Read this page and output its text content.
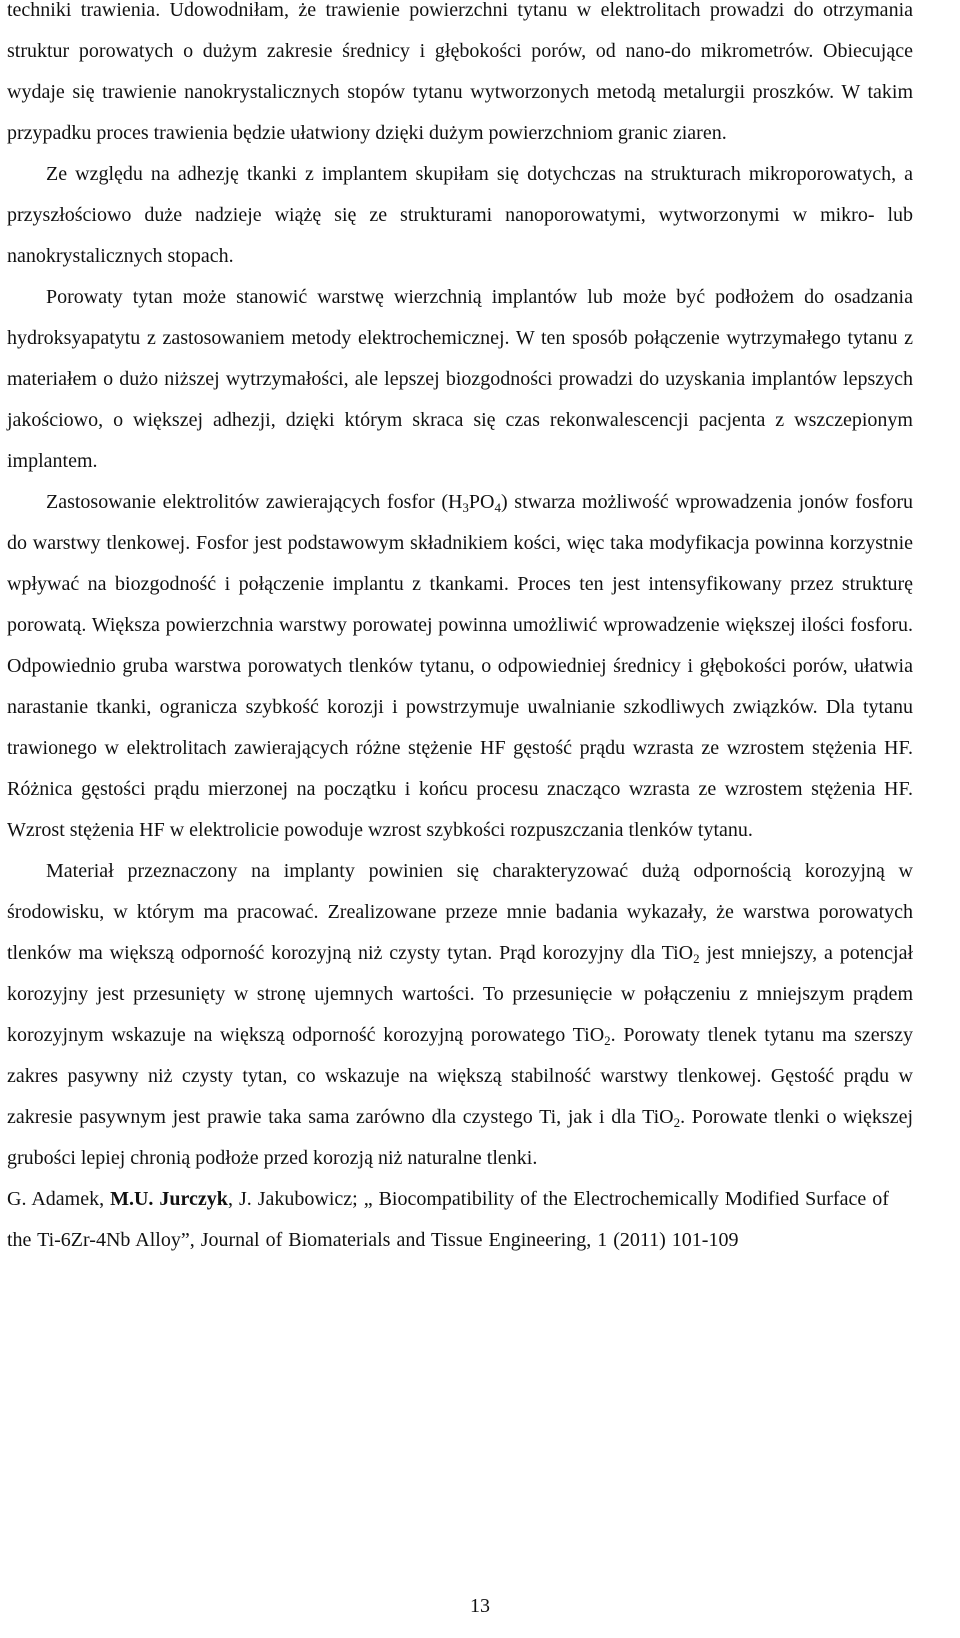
techniki trawienia. Udowodniłam, że trawienie powierzchni tytanu w elektrolitach prowadzi do otrzymania struktur porowatych o dużym zakresie średnicy i głębokości porów, od nano-do mikrometrów. Obiecujące wydaje się trawienie nanokrystalicznych stopów tytanu wytworzonych metodą metalurgii proszków. W takim przypadku proces trawienia będzie ułatwiony dzięki dużym powierzchniom granic ziaren.

Ze względu na adhezję tkanki z implantem skupiłam się dotychczas na strukturach mikroporowatych, a przyszłościowo duże nadzieje wiążę się ze strukturami nanoporowatymi, wytworzonymi w mikro- lub nanokrystalicznych stopach.

Porowaty tytan może stanowić warstwę wierzchnią implantów lub może być podłożem do osadzania hydroksyapatytu z zastosowaniem metody elektrochemicznej. W ten sposób połączenie wytrzymałego tytanu z materiałem o dużo niższej wytrzymałości, ale lepszej biozgodności prowadzi do uzyskania implantów lepszych jakościowo, o większej adhezji, dzięki którym skraca się czas rekonwalescencji pacjenta z wszczepionym implantem.

Zastosowanie elektrolitów zawierających fosfor $(H_3PO_4)$ stwarza możliwość wprowadzenia jonów fosforu do warstwy tlenkowej. Fosfor jest podstawowym składnikiem kości, więc taka modyfikacja powinna korzystnie wpływać na biozgodność i połączenie implantu z tkankami. Proces ten jest intensyfikowany przez strukturę porowatą. Większa powierzchnia warstwy porowatej powinna umożliwić wprowadzenie większej ilości fosforu. Odpowiednio gruba warstwa porowatych tlenków tytanu, o odpowiedniej średnicy i głębokości porów, ułatwia narastanie tkanki, ogranicza szybkość korozji i powstrzymuje uwalnianie szkodliwych związków. Dla tytanu trawionego w elektrolitach zawierających różne stężenie HF gęstość prądu wzrasta ze wzrostem stężenia HF. Różnica gęstości prądu mierzonej na początku i końcu procesu znacząco wzrasta ze wzrostem stężenia HF. Wzrost stężenia HF w elektrolicie powoduje wzrost szybkości rozpuszczania tlenków tytanu.

Materiał przeznaczony na implanty powinien się charakteryzować dużą odpornością korozyjną w środowisku, w którym ma pracować. Zrealizowane przeze mnie badania wykazały, że warstwa porowatych tlenków ma większą odporność korozyjną niż czysty tytan. Prąd korozyjny dla TiO$_2$ jest mniejszy, a potencjał korozyjny jest przesunięty w stronę ujemnych wartości. To przesunięcie w połączeniu z mniejszym prądem korozyjnym wskazuje na większą odporność korozyjną porowatego TiO$_2$. Porowaty tlenek tytanu ma szerszy zakres pasywny niż czysty tytan, co wskazuje na większą stabilność warstwy tlenkowej. Gęstość prądu w zakresie pasywnym jest prawie taka sama zarówno dla czystego Ti, jak i dla TiO$_2$. Porowate tlenki o większej grubości lepiej chronią podłoże przed korozją niż naturalne tlenki.

G. Adamek, M.U. Jurczyk, J. Jakubowicz; „ Biocompatibility of the Electrochemically Modified Surface of the Ti-6Zr-4Nb Alloy”, Journal of Biomaterials and Tissue Engineering, 1 (2011) 101-109

13
